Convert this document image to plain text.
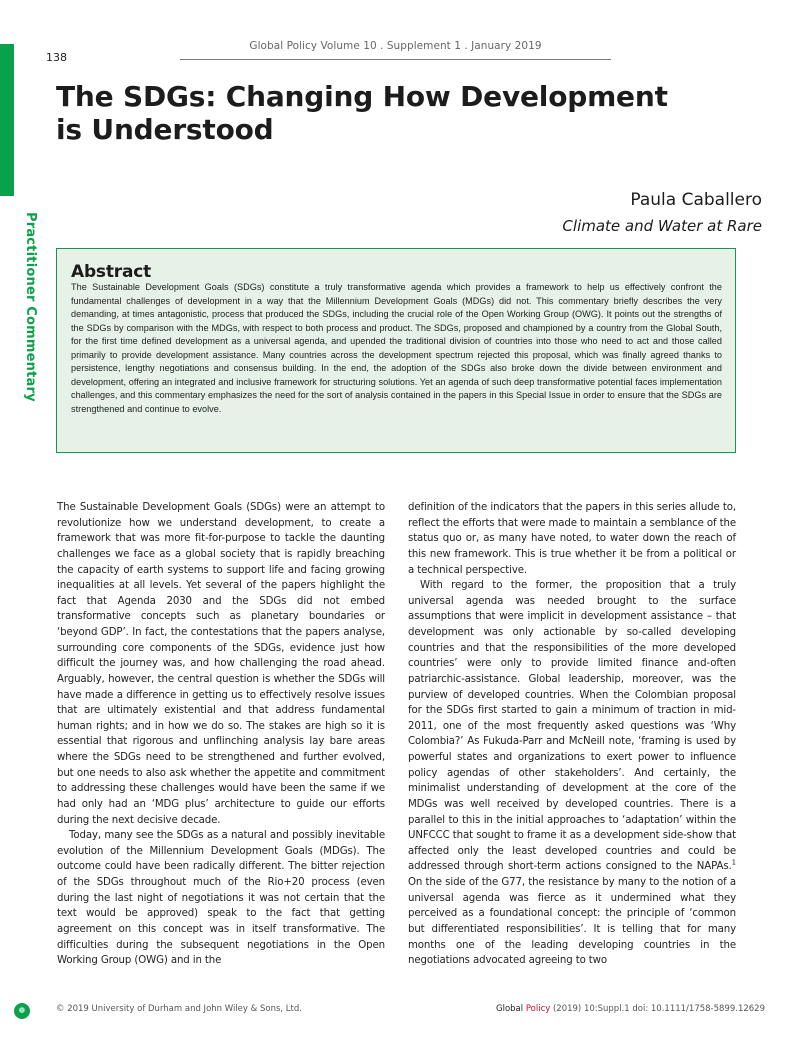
138
Global Policy Volume 10 . Supplement 1 . January 2019
The SDGs: Changing How Development is Understood
Paula Caballero
Climate and Water at Rare
Practitioner Commentary Abstract

The Sustainable Development Goals (SDGs) constitute a truly transformative agenda which provides a framework to help us effectively confront the fundamental challenges of development in a way that the Millennium Development Goals (MDGs) did not. This commentary briefly describes the very demanding, at times antagonistic, process that produced the SDGs, including the crucial role of the Open Working Group (OWG). It points out the strengths of the SDGs by comparison with the MDGs, with respect to both process and product. The SDGs, proposed and championed by a country from the Global South, for the first time defined development as a universal agenda, and upended the traditional division of countries into those who need to act and those called primarily to provide development assistance. Many countries across the development spectrum rejected this proposal, which was finally agreed thanks to persistence, lengthy negotiations and consensus building. In the end, the adoption of the SDGs also broke down the divide between environment and development, offering an integrated and inclusive framework for structuring solutions. Yet an agenda of such deep transformative potential faces implementation challenges, and this commentary emphasizes the need for the sort of analysis contained in the papers in this Special Issue in order to ensure that the SDGs are strengthened and continue to evolve.

The Sustainable Development Goals (SDGs) were an attempt to revolutionize how we understand development, to create a framework that was more fit-for-purpose to tackle the daunting challenges we face as a global society that is rapidly breaching the capacity of earth systems to support life and facing growing inequalities at all levels. Yet several of the papers highlight the fact that Agenda 2030 and the SDGs did not embed transformative concepts such as planetary boundaries or ‘beyond GDP’. In fact, the contestations that the papers analyse, surrounding core components of the SDGs, evidence just how difficult the journey was, and how challenging the road ahead. Arguably, however, the central question is whether the SDGs will have made a difference in getting us to effectively resolve issues that are ultimately existential and that address fundamental human rights; and in how we do so. The stakes are high so it is essential that rigorous and unflinching analysis lay bare areas where the SDGs need to be strengthened and further evolved, but one needs to also ask whether the appetite and commitment to addressing these challenges would have been the same if we had only had an ‘MDG plus’ architecture to guide our efforts during the next decisive decade.

Today, many see the SDGs as a natural and possibly inevitable evolution of the Millennium Development Goals (MDGs). The outcome could have been radically different. The bitter rejection of the SDGs throughout much of the Rio+20 process (even during the last night of negotiations it was not certain that the text would be approved) speak to the fact that getting agreement on this concept was in itself transformative. The difficulties during the subsequent negotiations in the Open Working Group (OWG) and in the

definition of the indicators that the papers in this series allude to, reflect the efforts that were made to maintain a semblance of the status quo or, as many have noted, to water down the reach of this new framework. This is true whether it be from a political or a technical perspective.

With regard to the former, the proposition that a truly universal agenda was needed brought to the surface assumptions that were implicit in development assistance – that development was only actionable by so-called developing countries and that the responsibilities of the more developed countries’ were only to provide limited finance and-often patriarchic-assistance. Global leadership, moreover, was the purview of developed countries. When the Colombian proposal for the SDGs first started to gain a minimum of traction in mid-2011, one of the most frequently asked questions was ‘Why Colombia?’ As Fukuda-Parr and McNeill note, ‘framing is used by powerful states and organizations to exert power to influence policy agendas of other stakeholders’. And certainly, the minimalist understanding of development at the core of the MDGs was well received by developed countries. There is a parallel to this in the initial approaches to ‘adaptation’ within the UNFCCC that sought to frame it as a development side-show that affected only the least developed countries and could be addressed through short-term actions consigned to the NAPAs.$^1$ On the side of the G77, the resistance by many to the notion of a universal agenda was fierce as it undermined what they perceived as a foundational concept: the principle of ‘common but differentiated responsibilities’. It is telling that for many months one of the leading developing countries in the negotiations advocated agreeing to two

❁	© 2019 University of Durham and John Wiley & Sons, Ltd.	Global Policy (2019) 10:Suppl.1 doi: 10.1111/1758-5899.12629
